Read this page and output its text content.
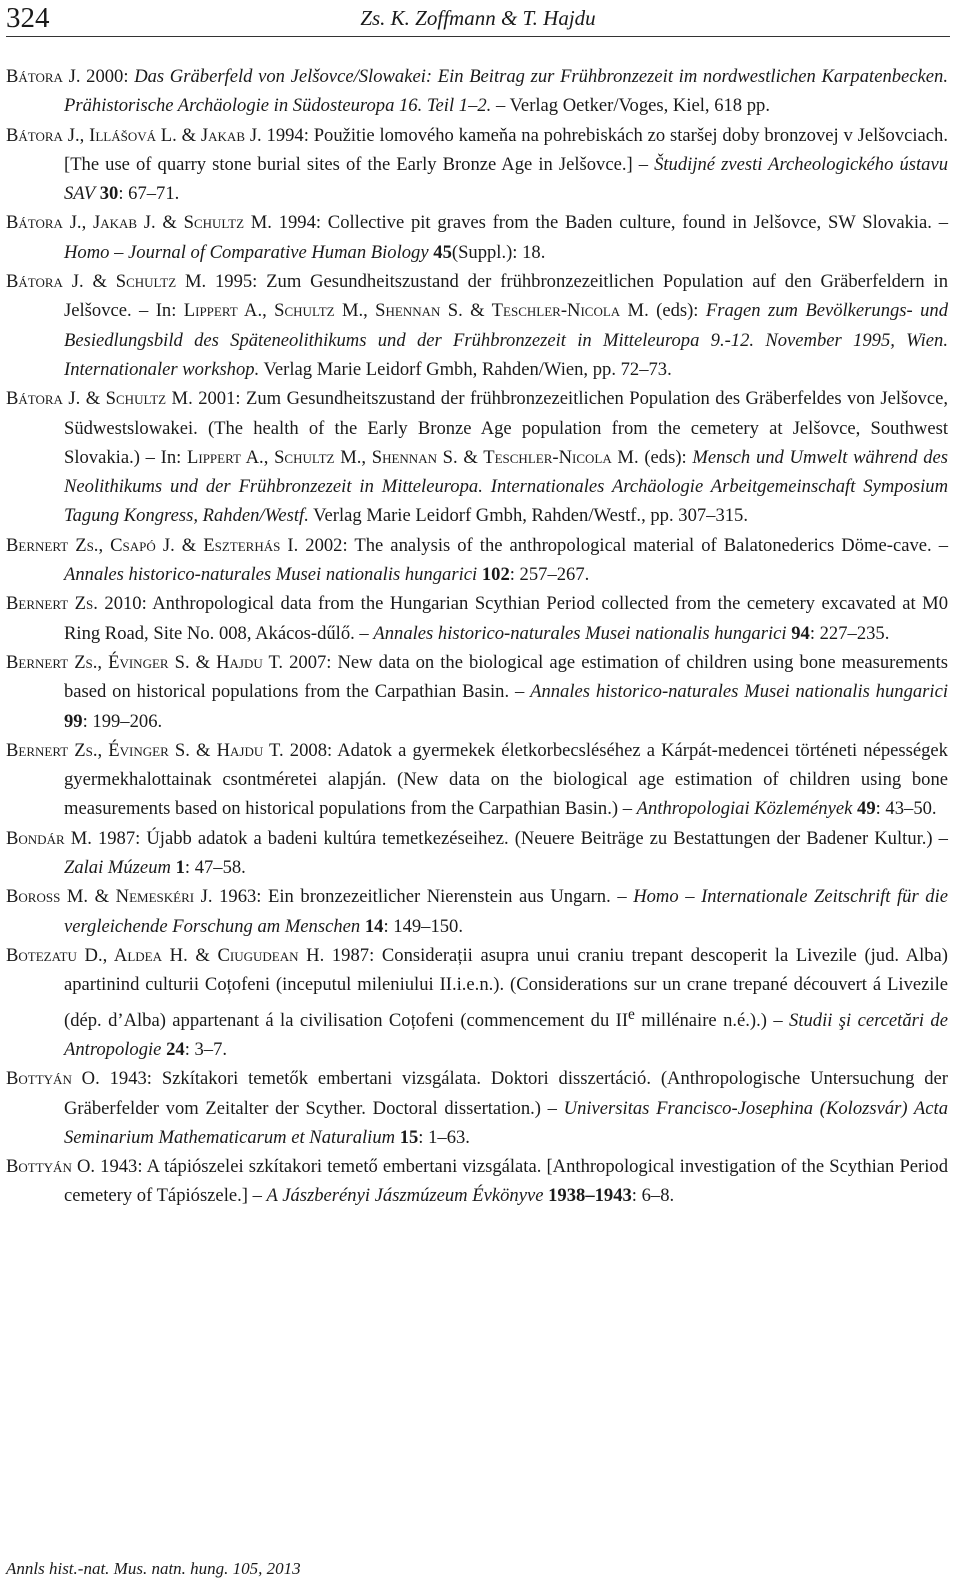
324	Zs. K. Zoffmann & T. Hajdu

Bátora J. 2000: Das Gräberfeld von Jelšovce/Slowakei: Ein Beitrag zur Frühbronzezeit im nordwestlichen Karpatenbecken. Prähistorische Archäologie in Südosteuropa 16. Teil 1–2. – Verlag Oetker/Voges, Kiel, 618 pp.

Bátora J., Illášová L. & Jakab J. 1994: Použitie lomového kameňa na pohrebiskách zo staršej doby bronzovej v Jelšovciach. [The use of quarry stone burial sites of the Early Bronze Age in Jelšovce.] – Študijné zvesti Archeologického ústavu SAV 30: 67–71.

Bátora J., Jakab J. & Schultz M. 1994: Collective pit graves from the Baden culture, found in Jelšovce, SW Slovakia. – Homo – Journal of Comparative Human Biology 45(Suppl.): 18.

Bátora J. & Schultz M. 1995: Zum Gesundheitszustand der frühbronzezeitlichen Population auf den Gräberfeldern in Jelšovce. – In: Lippert A., Schultz M., Shennan S. & Teschler-Nicola M. (eds): Fragen zum Bevölkerungs- und Besiedlungsbild des Späteneolithikums und der Frühbronzezeit in Mitteleuropa 9.-12. November 1995, Wien. Internationaler workshop. Verlag Marie Leidorf Gmbh, Rahden/Wien, pp. 72–73.

Bátora J. & Schultz M. 2001: Zum Gesundheitszustand der frühbronzezeitlichen Population des Gräberfeldes von Jelšovce, Südwestslowakei. (The health of the Early Bronze Age population from the cemetery at Jelšovce, Southwest Slovakia.) – In: Lippert A., Schultz M., Shennan S. & Teschler-Nicola M. (eds): Mensch und Umwelt während des Neolithikums und der Frühbronzezeit in Mitteleuropa. Internationales Archäologie Arbeitgemeinschaft Symposium Tagung Kongress, Rahden/Westf. Verlag Marie Leidorf Gmbh, Rahden/Westf., pp. 307–315.

Bernert Zs., Csapó J. & Eszterhás I. 2002: The analysis of the anthropological material of Balatonederics Döme-cave. – Annales historico-naturales Musei nationalis hungarici 102: 257–267.

Bernert Zs. 2010: Anthropological data from the Hungarian Scythian Period collected from the cemetery excavated at M0 Ring Road, Site No. 008, Akácos-dűlő. – Annales historico-naturales Musei nationalis hungarici 94: 227–235.

Bernert Zs., Évinger S. & Hajdu T. 2007: New data on the biological age estimation of children using bone measurements based on historical populations from the Carpathian Basin. – Annales historico-naturales Musei nationalis hungarici 99: 199–206.

Bernert Zs., Évinger S. & Hajdu T. 2008: Adatok a gyermekek életkorbecsléséhez a Kárpát-medencei történeti népességek gyermekhalottainak csontméretei alapján. (New data on the biological age estimation of children using bone measurements based on historical populations from the Carpathian Basin.) – Anthropologiai Közlemények 49: 43–50.

Bondár M. 1987: Újabb adatok a badeni kultúra temetkezéseihez. (Neuere Beiträge zu Bestattungen der Badener Kultur.) – Zalai Múzeum 1: 47–58.

Boross M. & Nemeskéri J. 1963: Ein bronzezeitlicher Nierenstein aus Ungarn. – Homo – Internationale Zeitschrift für die vergleichende Forschung am Menschen 14: 149–150.

Botezatu D., Aldea H. & Ciugudean H. 1987: Considerații asupra unui craniu trepant descoperit la Livezile (jud. Alba) apartinind culturii Coțofeni (inceputul mileniului II.i.e.n.). (Considerations sur un crane trepané découvert á Livezile (dép. d’Alba) appartenant á la civilisation Coțofeni (commencement du IIe millénaire n.é.).) – Studii şi cercetări de Antropologie 24: 3–7.

Bottyán O. 1943: Szkítakori temetők embertani vizsgálata. Doktori disszertáció. (Anthropologische Untersuchung der Gräberfelder vom Zeitalter der Scyther. Doctoral dissertation.) – Universitas Francisco-Josephina (Kolozsvár) Acta Seminarium Mathematicarum et Naturalium 15: 1–63.

Bottyán O. 1943: A tápiószelei szkítakori temető embertani vizsgálata. [Anthropological investigation of the Scythian Period cemetery of Tápiószele.] – A Jászberényi Jászmúzeum Évkönyve 1938–1943: 6–8.

Annls hist.-nat. Mus. natn. hung. 105, 2013
